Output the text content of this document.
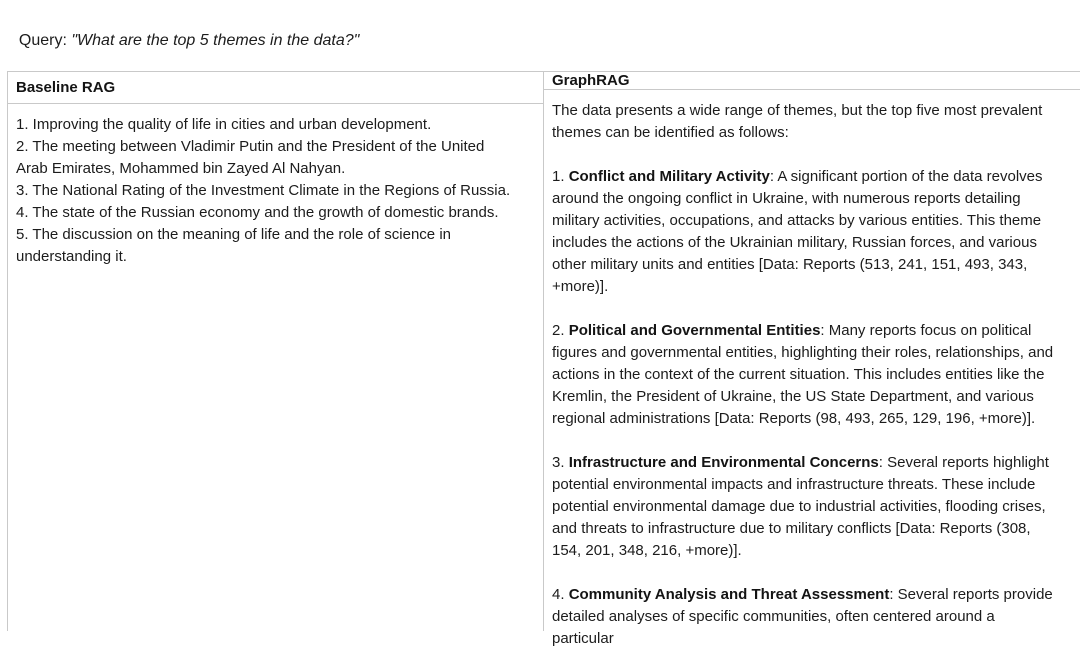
Query: "What are the top 5 themes in the data?"

Baseline RAG

1. Improving the quality of life in cities and urban development.

2. The meeting between Vladimir Putin and the President of the United Arab Emirates, Mohammed bin Zayed Al Nahyan.

3. The National Rating of the Investment Climate in the Regions of Russia.

4. The state of the Russian economy and the growth of domestic brands.

5. The discussion on the meaning of life and the role of science in understanding it.

GraphRAG

The data presents a wide range of themes, but the top five most prevalent themes can be identified as follows:

1. Conflict and Military Activity: A significant portion of the data revolves around the ongoing conflict in Ukraine, with numerous reports detailing military activities, occupations, and attacks by various entities. This theme includes the actions of the Ukrainian military, Russian forces, and various other military units and entities [Data: Reports (513, 241, 151, 493, 343, +more)].

2. Political and Governmental Entities: Many reports focus on political figures and governmental entities, highlighting their roles, relationships, and actions in the context of the current situation. This includes entities like the Kremlin, the President of Ukraine, the US State Department, and various regional administrations [Data: Reports (98, 493, 265, 129, 196, +more)].

3. Infrastructure and Environmental Concerns: Several reports highlight potential environmental impacts and infrastructure threats. These include potential environmental damage due to industrial activities, flooding crises, and threats to infrastructure due to military conflicts [Data: Reports (308, 154, 201, 348, 216, +more)].

4. Community Analysis and Threat Assessment: Several reports provide detailed analyses of specific communities, often centered around a particular
